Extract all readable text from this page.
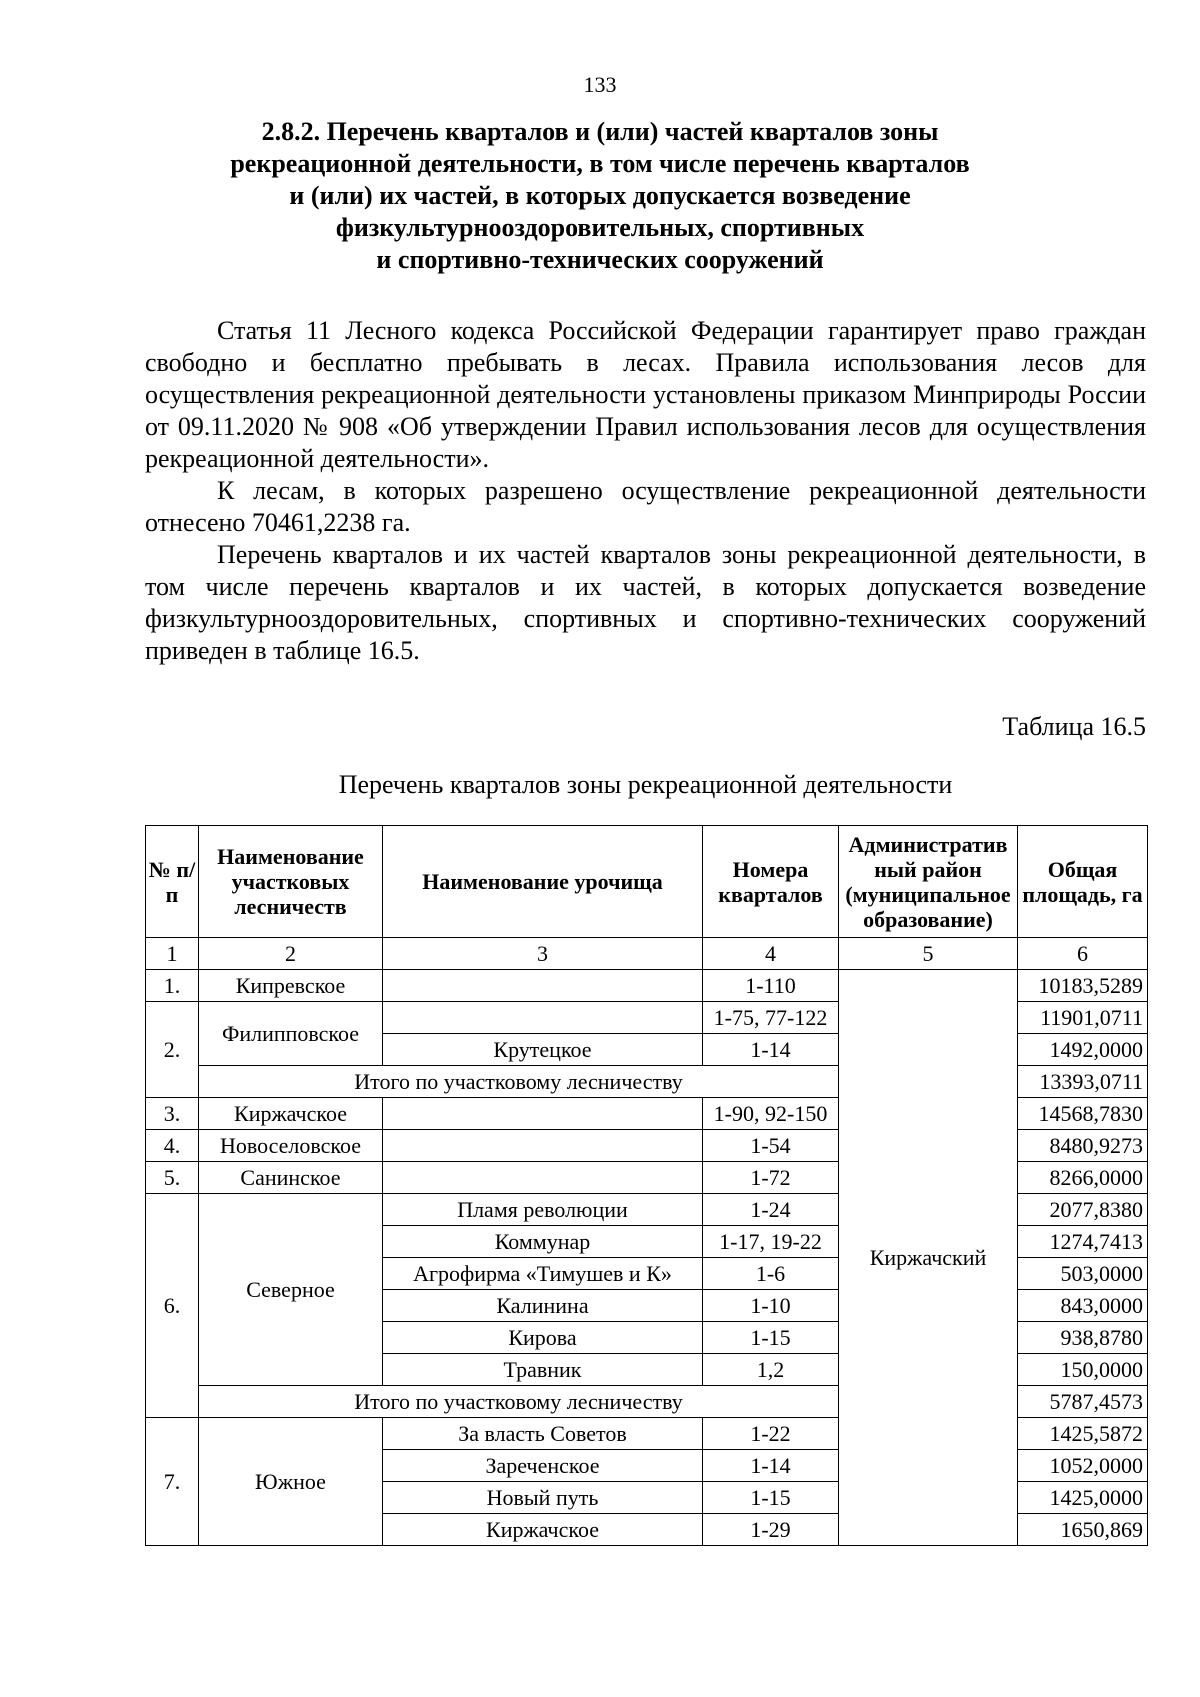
133
2.8.2. Перечень кварталов и (или) частей кварталов зоны
рекреационной деятельности, в том числе перечень кварталов
и (или) их частей, в которых допускается возведение
физкультурнооздоровительных, спортивных
и спортивно-технических сооружений

Статья 11 Лесного кодекса Российской Федерации гарантирует право граждан свободно и бесплатно пребывать в лесах. Правила использования лесов для осуществления рекреационной деятельности установлены приказом Минприроды России от 09.11.2020 № 908 «Об утверждении Правил использования лесов для осуществления рекреационной деятельности».

К лесам, в которых разрешено осуществление рекреационной деятельности отнесено 70461,2238 га.

Перечень кварталов и их частей кварталов зоны рекреационной деятельности, в том числе перечень кварталов и их частей, в которых допускается возведение физкультурнооздоровительных, спортивных и спортивно-технических сооружений приведен в таблице 16.5.

Таблица 16.5
Перечень кварталов зоны рекреационной деятельности
№ п/п	Наименование участковых лесничеств	Наименование урочища	Номера кварталов	Административ ный район (муниципальное образование)	Общая площадь, га
1	2	3	4	5	6
1.	Кипревское		1-110	Киржачский	10183,5289
2.	Филипповское		1-75, 77-122		11901,0711
		Крутецкое	1-14		1492,0000
	Итого по участковому лесничеству				13393,0711
3.	Киржачское		1-90, 92-150		14568,7830
4.	Новоселовское		1-54		8480,9273
5.	Санинское		1-72		8266,0000
6.	Северное	Пламя революции	1-24		2077,8380
		Коммунар	1-17, 19-22		1274,7413
		Агрофирма «Тимушев и К»	1-6		503,0000
		Калинина	1-10		843,0000
		Кирова	1-15		938,8780
		Травник	1,2		150,0000
	Итого по участковому лесничеству				5787,4573
7.	Южное	За власть Советов	1-22		1425,5872
		Зареченское	1-14		1052,0000
		Новый путь	1-15		1425,0000
		Киржачское	1-29		1650,869
